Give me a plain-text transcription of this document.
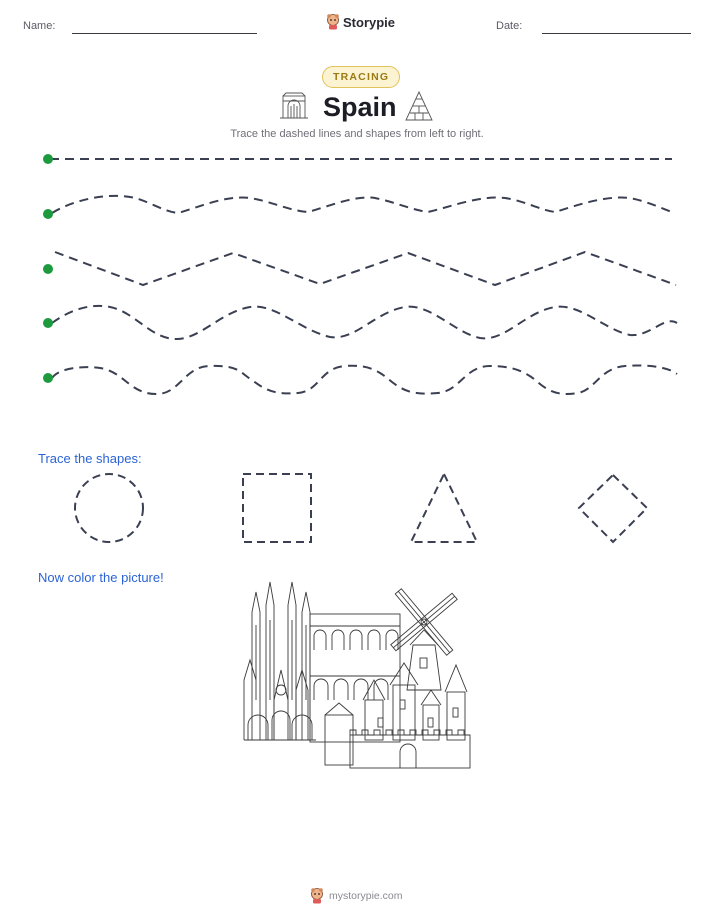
Name:	Storypie	Date:
TRACING
Spain
Trace the dashed lines and shapes from left to right.
Trace the shapes:
Now color the picture!
mystorypie.com
